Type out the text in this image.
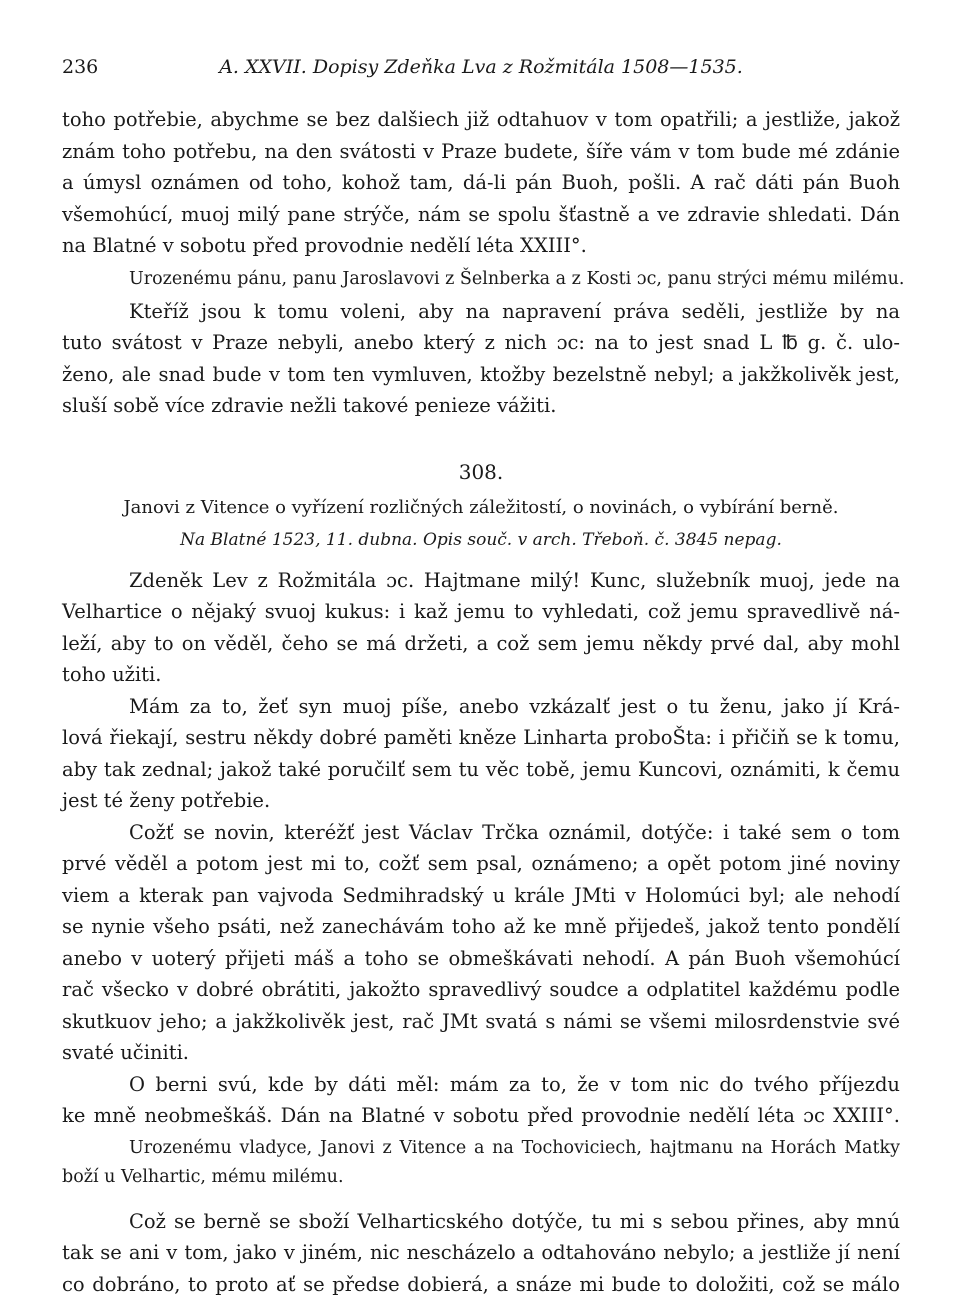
236	A. XXVII. Dopisy Zdeňka Lva z Rožmitála 1508—1535.
toho potřebie, abychme se bez dalšiech již odtahuov v tom opatřili; a jestliže, jakož
znám toho potřebu, na den svátosti v Praze budete, šíře vám v tom bude mé zdánie
a úmysl oznámen od toho, kohož tam, dá-li pán Buoh, pošli. A rač dáti pán Buoh
všemohúcí, muoj milý pane strýče, nám se spolu šťastně a ve zdravie shledati. Dán
na Blatné v sobotu před provodnie nedělí léta XXIII°.
Urozenému pánu, panu Jaroslavovi z Šelnberka a z Kosti ɔc, panu strýci mému milému.
Kteříž jsou k tomu voleni, aby na napravení práva seděli, jestliže by na
tuto svátost v Praze nebyli, anebo který z nich ɔc: na to jest snad L ℔ g. č. ulo-
ženo, ale snad bude v tom ten vymluven, ktožby bezelstně nebyl; a jakžkolivěk jest,
sluší sobě více zdravie nežli takové penieze vážiti.
308.
Janovi z Vitence o vyřízení rozličných záležitostí, o novinách, o vybírání berně.
Na Blatné 1523, 11. dubna. Opis souč. v arch. Třeboň. č. 3845 nepag.
Zdeněk Lev z Rožmitála ɔc. Hajtmane milý! Kunc, služebník muoj, jede na
Velhartice o nějaký svuoj kukus: i kaž jemu to vyhledati, což jemu spravedlivě ná-
leží, aby to on věděl, čeho se má držeti, a což sem jemu někdy prvé dal, aby mohl
toho užiti.
Mám za to, žeť syn muoj píše, anebo vzkázalť jest o tu ženu, jako jí Krá-
lová řiekají, sestru někdy dobré paměti kněze Linharta proboŠta: i přičiň se k tomu,
aby tak zednal; jakož také poručilť sem tu věc tobě, jemu Kuncovi, oznámiti, k čemu
jest té ženy potřebie.
Cožť se novin, kteréžť jest Václav Trčka oznámil, dotýče: i také sem o tom
prvé věděl a potom jest mi to, cožť sem psal, oznámeno; a opět potom jiné noviny
viem a kterak pan vajvoda Sedmihradský u krále JMti v Holomúci byl; ale nehodí
se nynie všeho psáti, než zanechávám toho až ke mně přijedeš, jakož tento pondělí
anebo v uoterý přijeti máš a toho se obmeškávati nehodí. A pán Buoh všemohúcí
rač všecko v dobré obrátiti, jakožto spravedlivý soudce a odplatitel každému podle
skutkuov jeho; a jakžkolivěk jest, rač JMt svatá s námi se všemi milosrdenstvie své
svaté učiniti.
O berni svú, kde by dáti měl: mám za to, že v tom nic do tvého příjezdu
ke mně neobmeškáš. Dán na Blatné v sobotu před provodnie nedělí léta ɔc XXIII°.
Urozenému vladyce, Janovi z Vitence a na Tochoviciech, hajtmanu na Horách Matky
boží u Velhartic, mému milému.
Což se berně se sboží Velharticského dotýče, tu mi s sebou přines, aby mnú
tak se ani v tom, jako v jiném, nic nescházelo a odtahováno nebylo; a jestliže jí není
co dobráno, to proto ať se předse dobierá, a snáze mi bude to doložiti, což se málo
